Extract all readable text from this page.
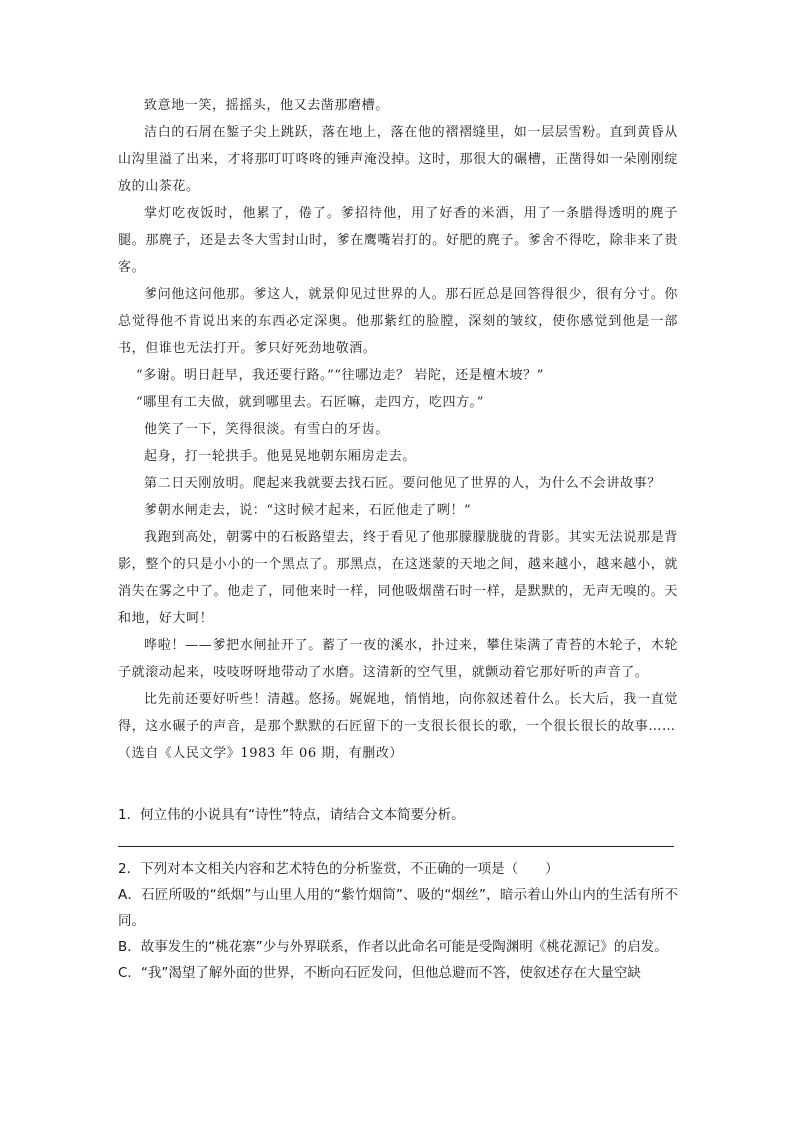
致意地一笑，摇摇头，他又去凿那磨槽。

洁白的石屑在錾子尖上跳跃，落在地上，落在他的褶褶缝里，如一层层雪粉。直到黄昏从山沟里溢了出来，才将那叮叮咚咚的锤声淹没掉。这时，那很大的碾槽，正凿得如一朵刚刚绽放的山茶花。

掌灯吃夜饭时，他累了，倦了。爹招待他，用了好香的米酒，用了一条腊得透明的麂子腿。那麂子，还是去冬大雪封山时，爹在鹰嘴岩打的。好肥的麂子。爹舍不得吃，除非来了贵客。

爹问他这问他那。爹这人，就景仰见过世界的人。那石匠总是回答得很少，很有分寸。你总觉得他不肯说出来的东西必定深奥。他那紫红的脸膛，深刻的皱纹，使你感觉到他是一部书，但谁也无法打开。爹只好死劲地敬酒。

“多谢。明日赶早，我还要行路。”“往哪边走？ 岩陀，还是檀木坡？”

“哪里有工夫做，就到哪里去。石匠嘛，走四方，吃四方。”

他笑了一下，笑得很淡。有雪白的牙齿。

起身，打一轮拱手。他晃晃地朝东厢房走去。

第二日天刚放明。爬起来我就要去找石匠。要问他见了世界的人，为什么不会讲故事？

爹朝水闸走去，说：“这时候才起来，石匠他走了咧！”

我跑到高处，朝雾中的石板路望去，终于看见了他那朦朦胧胧的背影。其实无法说那是背影，整个的只是小小的一个黑点了。那黑点，在这迷蒙的天地之间，越来越小，越来越小，就消失在雾之中了。他走了，同他来时一样，同他吸烟凿石时一样，是默默的，无声无嗅的。天和地，好大呵！

哗啦！——爹把水闸扯开了。蓄了一夜的溪水，扑过来，攀住柒满了青苔的木轮子，木轮子就滚动起来，吱吱呀呀地带动了水磨。这清新的空气里，就颤动着它那好听的声音了。

比先前还要好听些！清越。悠扬。娓娓地，悄悄地，向你叙述着什么。长大后，我一直觉得，这水碾子的声音，是那个默默的石匠留下的一支很长很长的歌，一个很长很长的故事……

（选自《人民文学》1983 年 06 期，有删改）

1．何立伟的小说具有“诗性”特点，请结合文本简要分析。

2．下列对本文相关内容和艺术特色的分析鉴赏，不正确的一项是（　　）

A．石匠所吸的“纸烟”与山里人用的“紫竹烟筒”、吸的“烟丝”，暗示着山外山内的生活有所不同。

B．故事发生的“桃花寨”少与外界联系，作者以此命名可能是受陶渊明《桃花源记》的启发。

C．“我”渴望了解外面的世界，不断向石匠发问，但他总避而不答，使叙述存在大量空缺
